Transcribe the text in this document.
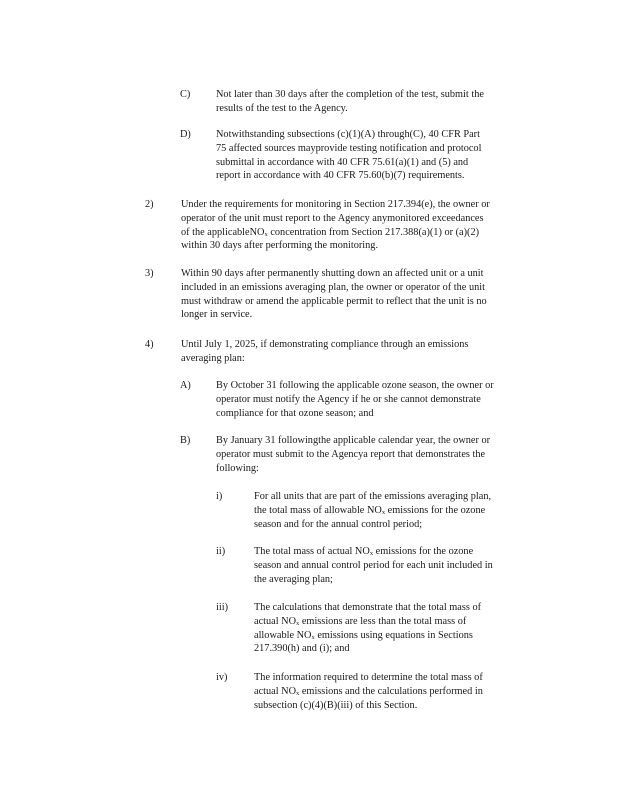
C) Not later than 30 days after the completion of the test, submit the
results of the test to the Agency.
D) Notwithstanding subsections (c)(1)(A) through(C), 40 CFR Part
75 affected sources mayprovide testing notification and protocol
submittal in accordance with 40 CFR 75.61(a)(1) and (5) and
report in accordance with 40 CFR 75.60(b)(7) requirements.
2)	Under the requirements for monitoring in Section 217.394(e), the owner or
operator of the unit must report to the Agency anymonitored exceedances
of the applicableNOx concentration from Section 217.388(a)(1) or (a)(2)
within 30 days after performing the monitoring.
3)	Within 90 days after permanently shutting down an affected unit or a unit
included in an emissions averaging plan, the owner or operator of the unit
must withdraw or amend the applicable permit to reflect that the unit is no
longer in service.
4)	Until July 1, 2025, if demonstrating compliance through an emissions
averaging plan:
A) By October 31 following the applicable ozone season, the owner or
operator must notify the Agency if he or she cannot demonstrate
compliance for that ozone season; and
B) By January 31 followingthe applicable calendar year, the owner or
operator must submit to the Agencya report that demonstrates the
following:
i)	For all units that are part of the emissions averaging plan,
the total mass of allowable NOx emissions for the ozone
season and for the annual control period;
ii)	The total mass of actual NOx emissions for the ozone
season and annual control period for each unit included in
the averaging plan;
iii)	The calculations that demonstrate that the total mass of
actual NOx emissions are less than the total mass of
allowable NOx emissions using equations in Sections
217.390(h) and (i); and
iv)	The information required to determine the total mass of
actual NOx emissions and the calculations performed in
subsection (c)(4)(B)(iii) of this Section.
